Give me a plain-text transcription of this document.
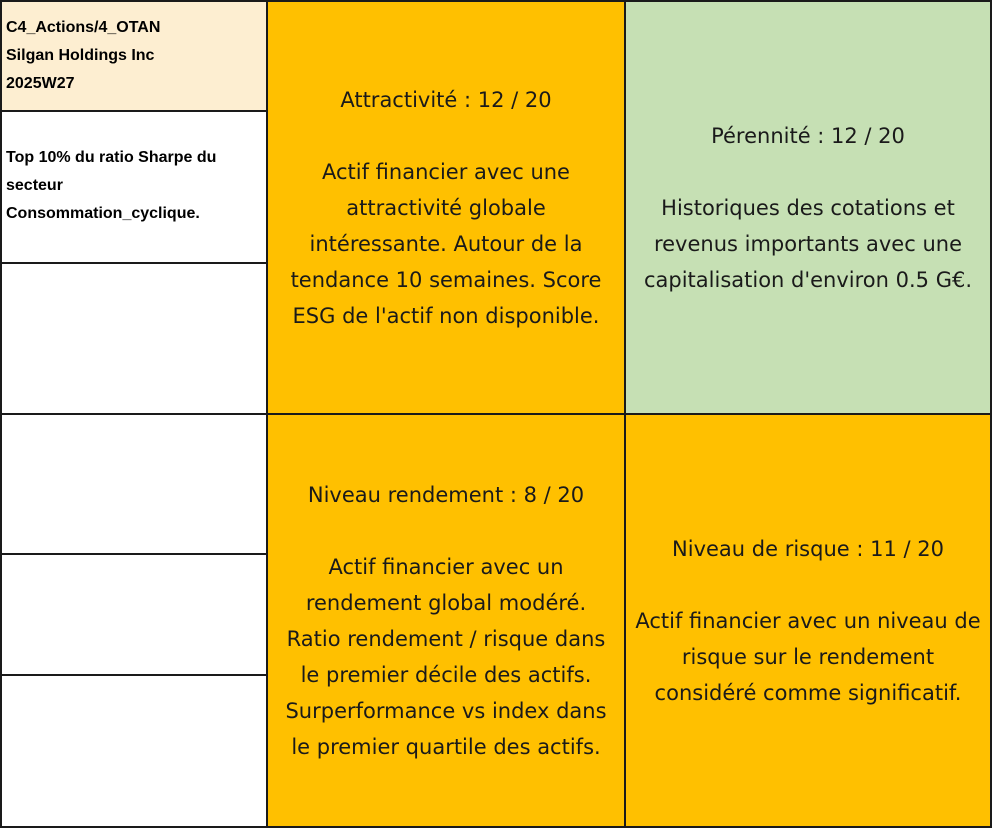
C4_Actions/4_OTAN
Silgan Holdings Inc
2025W27
Top 10% du ratio Sharpe du
secteur
Consommation_cyclique.
Attractivité : 12 / 20
Actif financier avec une
attractivité globale
intéressante. Autour de la
tendance 10 semaines. Score
ESG de l'actif non disponible.
Pérennité : 12 / 20
Historiques des cotations et
revenus importants avec une
capitalisation d'environ 0.5 G€.
Niveau rendement : 8 / 20
Actif financier avec un
rendement global modéré.
Ratio rendement / risque dans
le premier décile des actifs.
Surperformance vs index dans
le premier quartile des actifs.
Niveau de risque : 11 / 20
Actif financier avec un niveau de
risque sur le rendement
considéré comme significatif.
